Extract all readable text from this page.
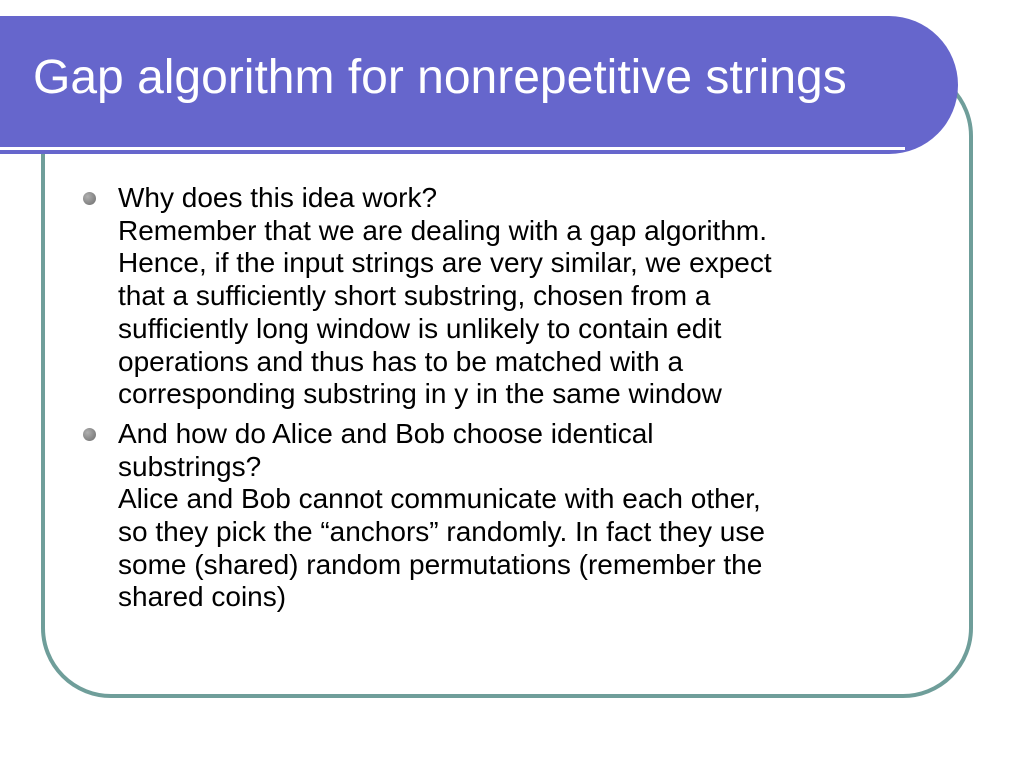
Gap algorithm for nonrepetitive strings
Why does this idea work?
Remember that we are dealing with a gap algorithm.
Hence, if the input strings are very similar, we expect
that a sufficiently short substring, chosen from a
sufficiently long window is unlikely to contain edit
operations and thus has to be matched with a
corresponding substring in y in the same window
And how do Alice and Bob choose identical
substrings?
Alice and Bob cannot communicate with each other,
so they pick the “anchors” randomly. In fact they use
some (shared) random permutations (remember the
shared coins)
